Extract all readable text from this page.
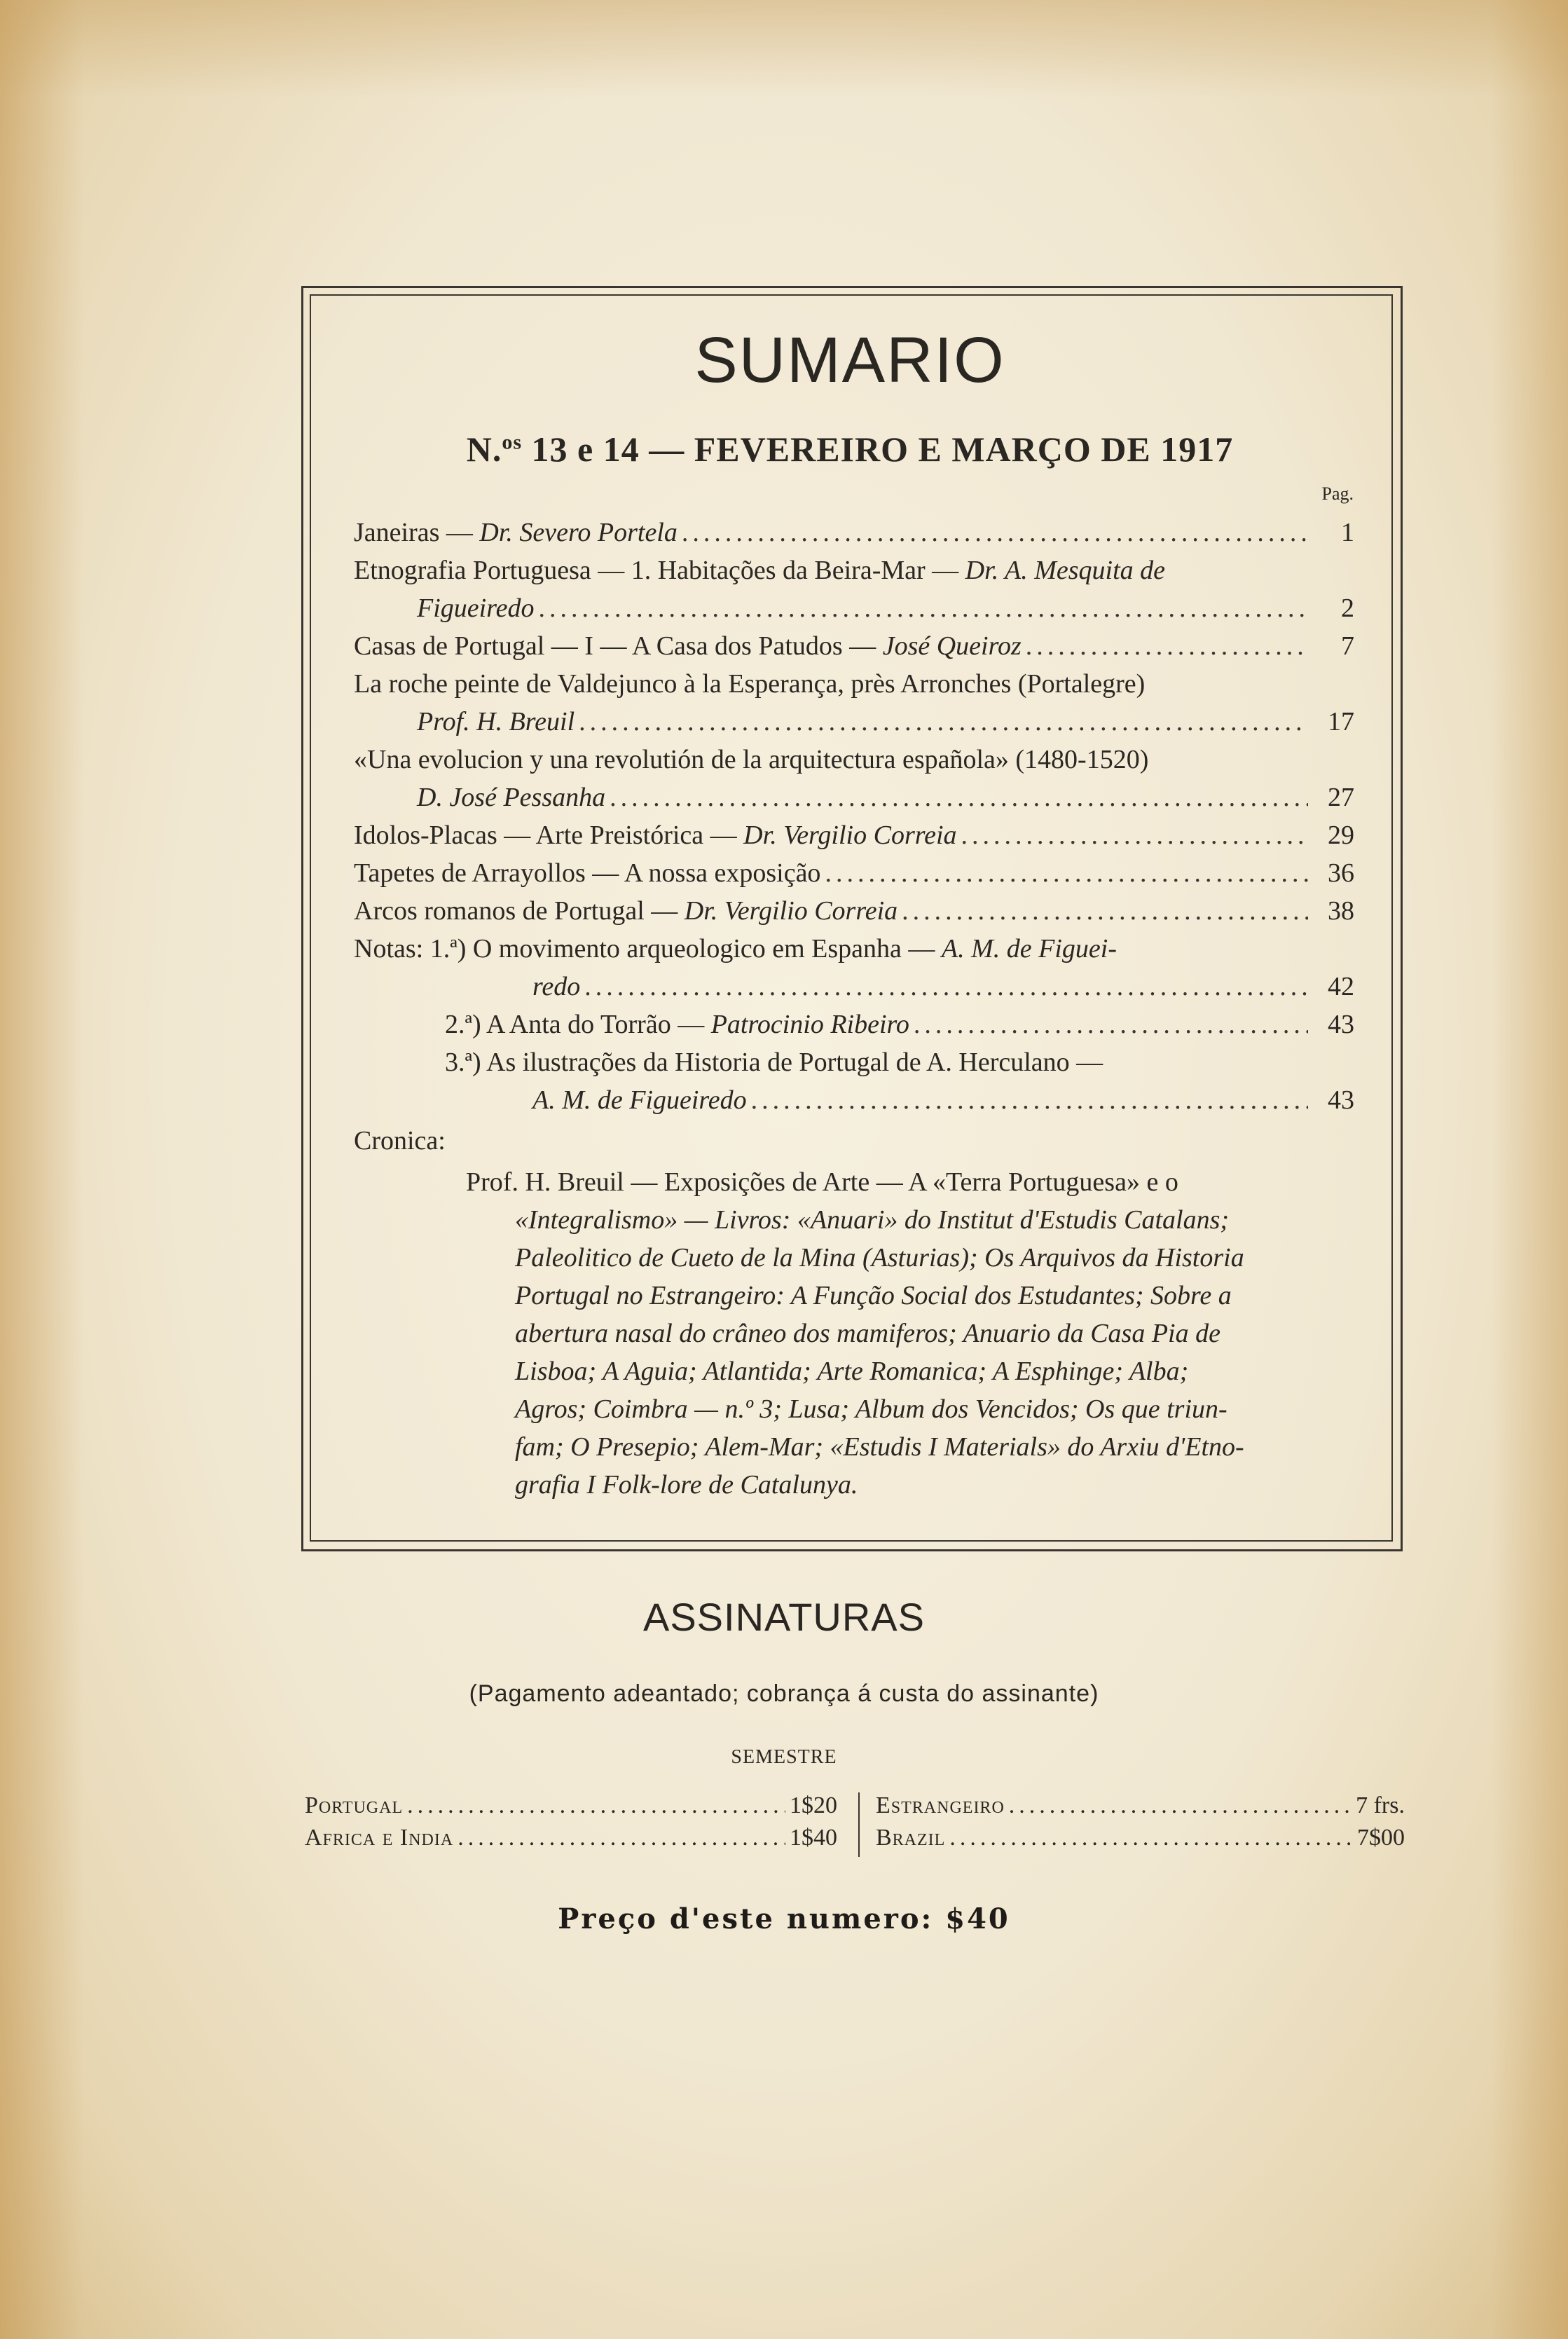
SUMARIO
N.$^{os}$ 13 e 14 — FEVEREIRO E MARÇO DE 1917
Pag.
Janeiras — Dr. Severo Portela .....	1
Etnografia Portuguesa — 1. Habitações da Beira-Mar — Dr. A. Mesquita de
Figueiredo .....	2
Casas de Portugal — I — A Casa dos Patudos — José Queiroz .....	7
La roche peinte de Valdejunco à la Esperança, près Arronches (Portalegre)
Prof. H. Breuil .....	17
«Una evolucion y una revolutión de la arquitectura española» (1480-1520)
D. José Pessanha .....	27
Idolos-Placas — Arte Preistórica — Dr. Vergilio Correia .....	29
Tapetes de Arrayollos — A nossa exposição .....	36
Arcos romanos de Portugal — Dr. Vergilio Correia .....	38
Notas: 1.ª) O movimento arqueologico em Espanha — A. M. de Figuei-
redo .....	42
2.ª) A Anta do Torrão — Patrocinio Ribeiro .....	43
3.ª) As ilustrações da Historia de Portugal de A. Herculano —
A. M. de Figueiredo .....	43
Cronica:
Prof. H. Breuil — Exposições de Arte — A «Terra Portuguesa» e o
«Integralismo» — Livros: «Anuari» do Institut d'Estudis Catalans;
Paleolitico de Cueto de la Mina (Asturias); Os Arquivos da Historia
Portugal no Estrangeiro: A Função Social dos Estudantes; Sobre a
abertura nasal do crâneo dos mamiferos; Anuario da Casa Pia de
Lisboa; A Aguia; Atlantida; Arte Romanica; A Esphinge; Alba;
Agros; Coimbra — n.º 3; Lusa; Album dos Vencidos; Os que triun-
fam; O Presepio; Alem-Mar; «Estudis I Materials» do Arxiu d'Etno-
grafia I Folk-lore de Catalunya.
ASSINATURAS
(Pagamento adeantado; cobrança á custa do assinante)
SEMESTRE
Portugal .....	1$20
Africa e India .....	1$40
Estrangeiro .....	7 frs.
Brazil .....	7$00
Preço d'este numero: $40
